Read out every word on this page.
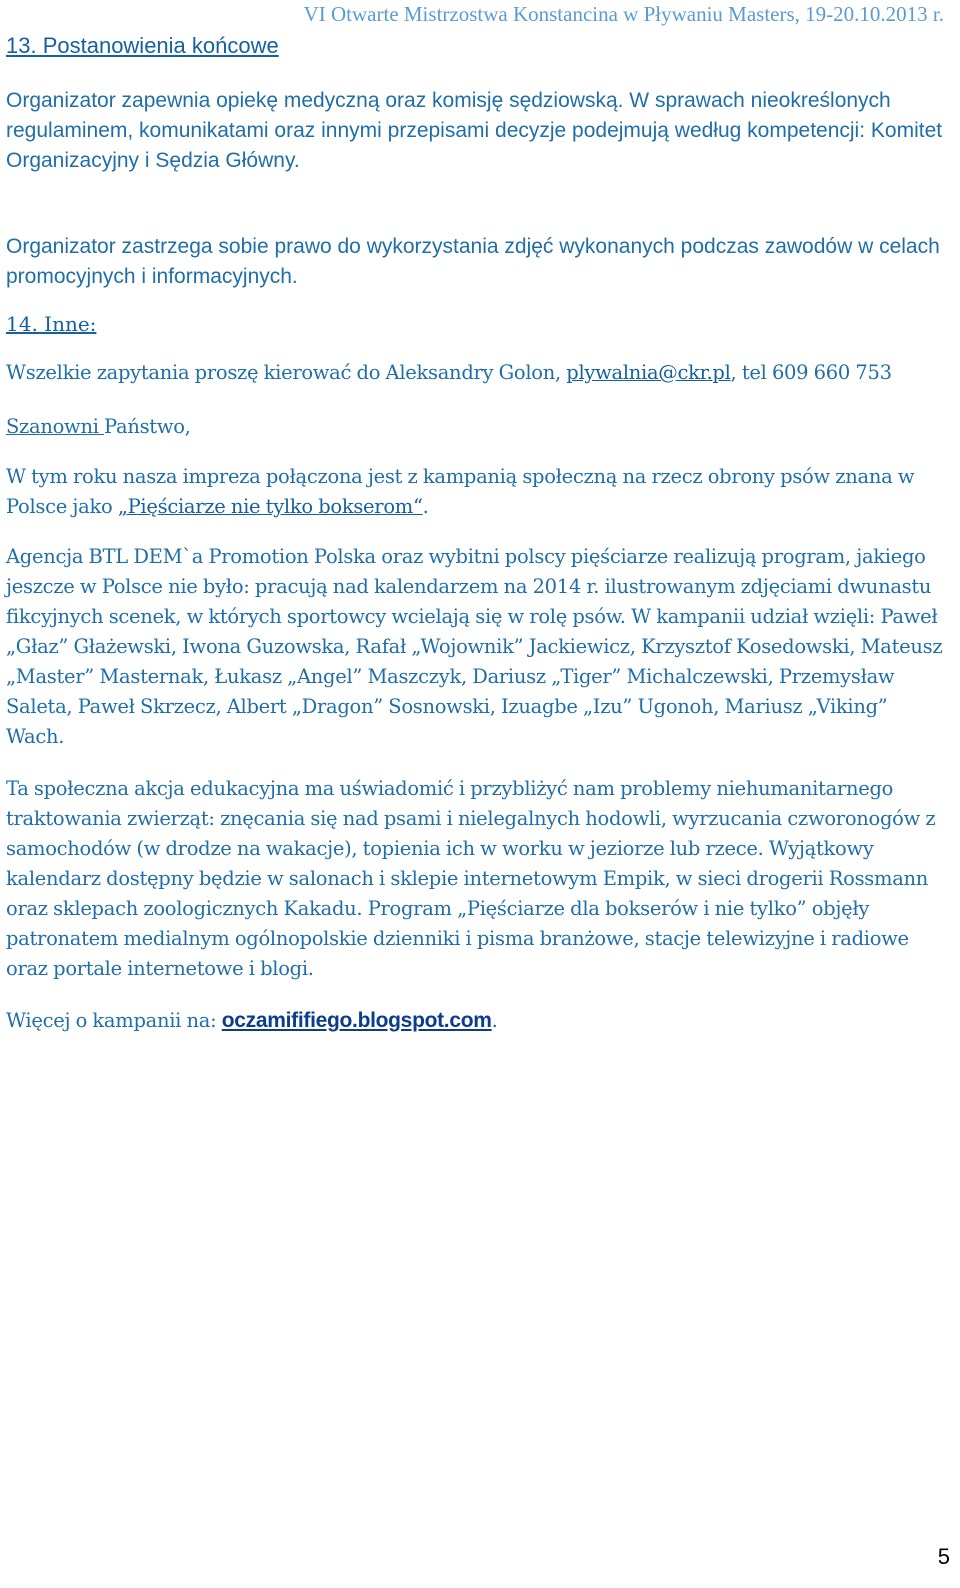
VI Otwarte Mistrzostwa Konstancina w Pływaniu Masters, 19-20.10.2013 r.
13. Postanowienia końcowe

Organizator zapewnia opiekę medyczną oraz komisję sędziowską. W sprawach nieokreślonych regulaminem, komunikatami oraz innymi przepisami decyzje podejmują według kompetencji: Komitet Organizacyjny i Sędzia Główny.

Organizator zastrzega sobie prawo do wykorzystania zdjęć wykonanych podczas zawodów w celach promocyjnych i informacyjnych.

14. Inne:

Wszelkie zapytania proszę kierować do Aleksandry Golon, plywalnia@ckr.pl, tel 609 660 753

Szanowni Państwo,

W tym roku nasza impreza połączona jest z kampanią społeczną na rzecz obrony psów znana w Polsce jako „Pięściarze nie tylko bokserom“.

Agencja BTL DEM`a Promotion Polska oraz wybitni polscy pięściarze realizują program, jakiego jeszcze w Polsce nie było: pracują nad kalendarzem na 2014 r. ilustrowanym zdjęciami dwunastu fikcyjnych scenek, w których sportowcy wcielają się w rolę psów. W kampanii udział wzięli: Paweł „Głaz” Głażewski, Iwona Guzowska, Rafał „Wojownik” Jackiewicz, Krzysztof Kosedowski, Mateusz „Master” Masternak, Łukasz „Angel” Maszczyk, Dariusz „Tiger” Michalczewski, Przemysław Saleta, Paweł Skrzecz, Albert „Dragon” Sosnowski, Izuagbe „Izu” Ugonoh, Mariusz „Viking” Wach.

Ta społeczna akcja edukacyjna ma uświadomić i przybliżyć nam problemy niehumanitarnego traktowania zwierząt: znęcania się nad psami i nielegalnych hodowli, wyrzucania czworonogów z samochodów (w drodze na wakacje), topienia ich w worku w jeziorze lub rzece. Wyjątkowy kalendarz dostępny będzie w salonach i sklepie internetowym Empik, w sieci drogerii Rossmann oraz sklepach zoologicznych Kakadu. Program „Pięściarze dla bokserów i nie tylko” objęły patronatem medialnym ogólnopolskie dzienniki i pisma branżowe, stacje telewizyjne i radiowe oraz portale internetowe i blogi.

Więcej o kampanii na: oczamififiego.blogspot.com.

5
